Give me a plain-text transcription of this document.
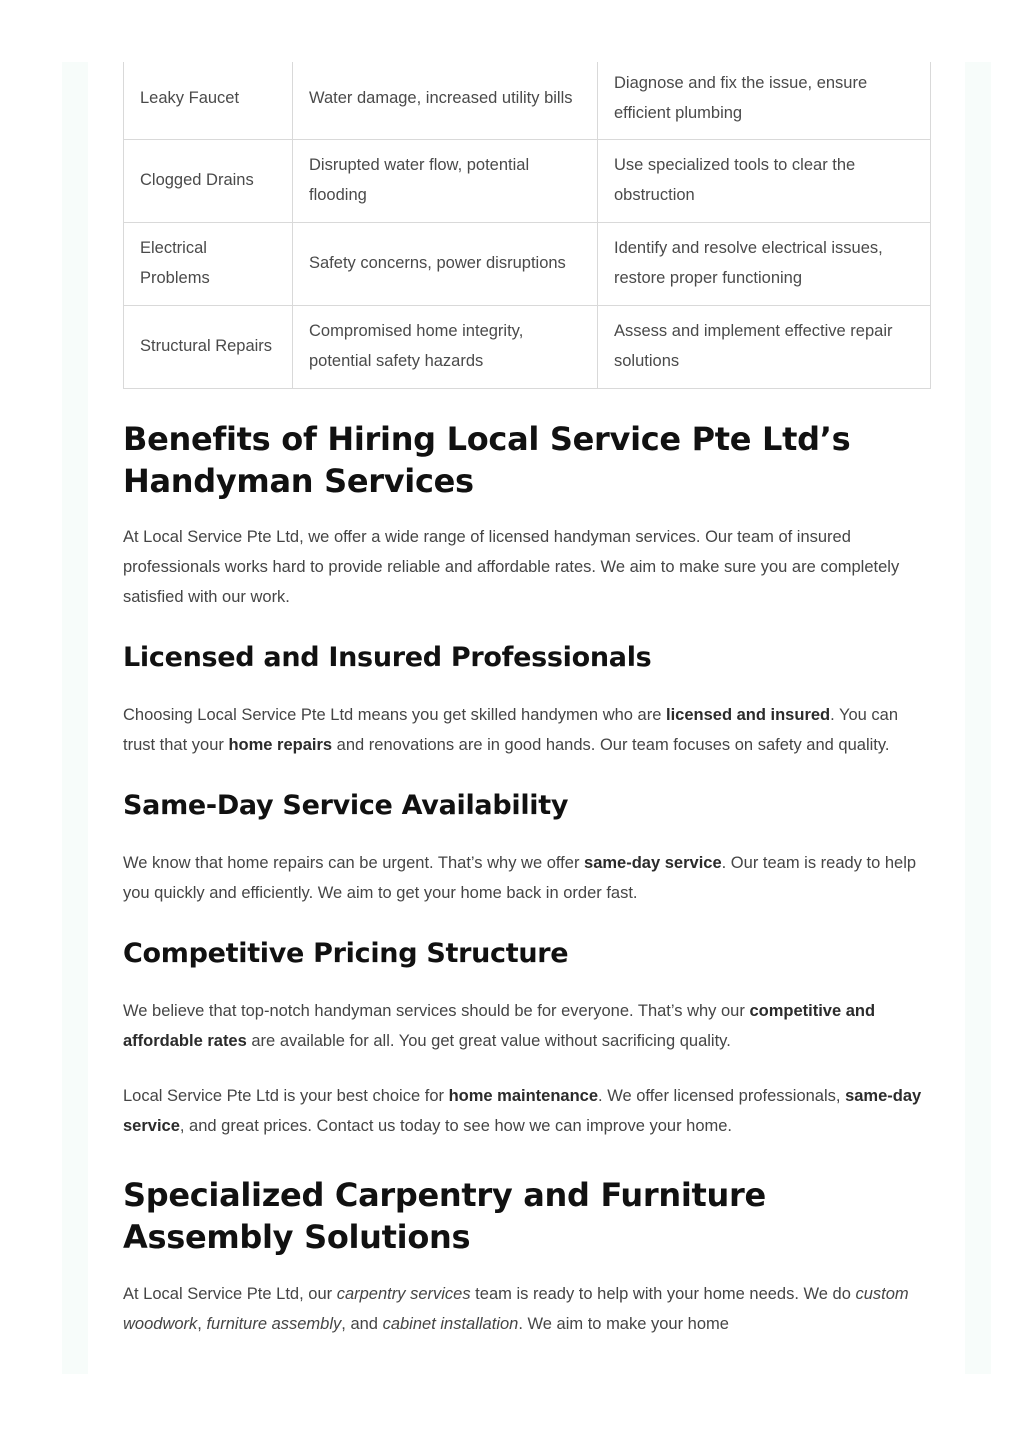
Leaky Faucet	Water damage, increased utility bills	Diagnose and fix the issue, ensure efficient plumbing
Clogged Drains	Disrupted water flow, potential flooding	Use specialized tools to clear the obstruction
Electrical Problems	Safety concerns, power disruptions	Identify and resolve electrical issues, restore proper functioning
Structural Repairs	Compromised home integrity, potential safety hazards	Assess and implement effective repair solutions
Benefits of Hiring Local Service Pte Ltd’s Handyman Services

At Local Service Pte Ltd, we offer a wide range of licensed handyman services. Our team of insured professionals works hard to provide reliable and affordable rates. We aim to make sure you are completely satisfied with our work.

Licensed and Insured Professionals

Choosing Local Service Pte Ltd means you get skilled handymen who are licensed and insured. You can trust that your home repairs and renovations are in good hands. Our team focuses on safety and quality.

Same-Day Service Availability

We know that home repairs can be urgent. That’s why we offer same-day service. Our team is ready to help you quickly and efficiently. We aim to get your home back in order fast.

Competitive Pricing Structure

We believe that top-notch handyman services should be for everyone. That’s why our competitive and affordable rates are available for all. You get great value without sacrificing quality.

Local Service Pte Ltd is your best choice for home maintenance. We offer licensed professionals, same-day service, and great prices. Contact us today to see how we can improve your home.

Specialized Carpentry and Furniture Assembly Solutions

At Local Service Pte Ltd, our carpentry services team is ready to help with your home needs. We do custom woodwork, furniture assembly, and cabinet installation. We aim to make your home
